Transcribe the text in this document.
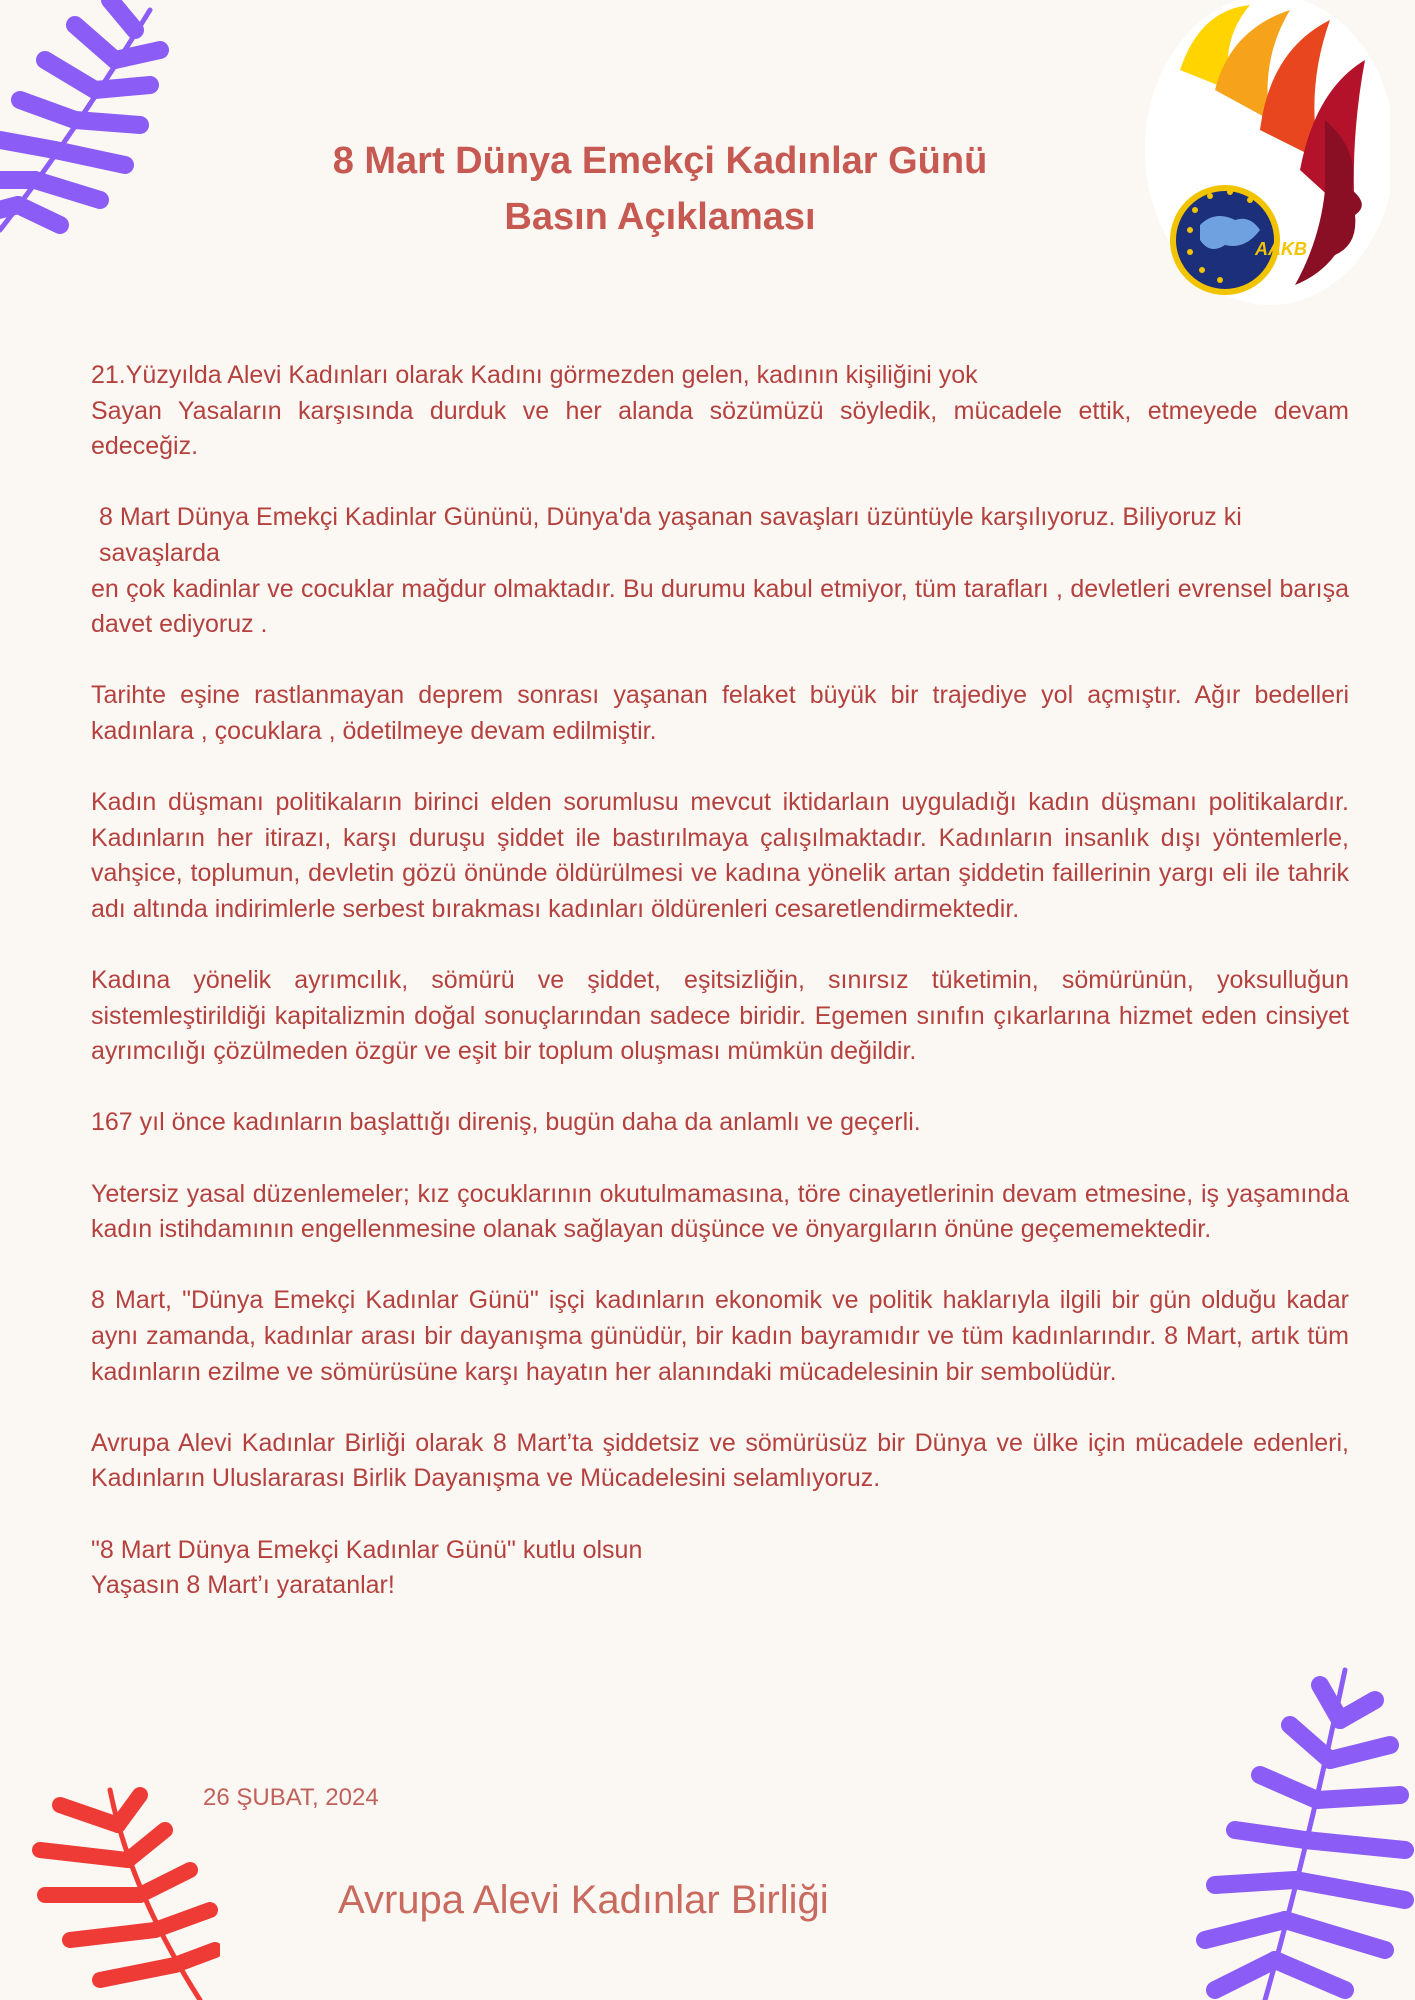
AAKB
8 Mart Dünya Emekçi Kadınlar Günü
Basın Açıklaması

21.Yüzyılda Alevi Kadınları olarak Kadını görmezden gelen, kadının kişiliğini yok

Sayan Yasaların karşısında durduk ve her alanda sözümüzü söyledik, mücadele ettik, etmeyede devam edeceğiz.

8 Mart Dünya Emekçi Kadinlar Gününü, Dünya'da yaşanan savaşları üzüntüyle karşılıyoruz. Biliyoruz ki savaşlarda

en çok kadinlar ve cocuklar mağdur olmaktadır. Bu durumu kabul etmiyor, tüm tarafları , devletleri evrensel barışa davet ediyoruz .

Tarihte eşine rastlanmayan deprem sonrası yaşanan felaket büyük bir trajediye yol açmıştır. Ağır bedelleri kadınlara , çocuklara , ödetilmeye devam edilmiştir.

Kadın düşmanı politikaların birinci elden sorumlusu mevcut iktidarlaın uyguladığı kadın düşmanı politikalardır. Kadınların her itirazı, karşı duruşu şiddet ile bastırılmaya çalışılmaktadır. Kadınların insanlık dışı yöntemlerle, vahşice, toplumun, devletin gözü önünde öldürülmesi ve kadına yönelik artan şiddetin faillerinin yargı eli ile tahrik adı altında indirimlerle serbest bırakması kadınları öldürenleri cesaretlendirmektedir.

Kadına yönelik ayrımcılık, sömürü ve şiddet, eşitsizliğin, sınırsız tüketimin, sömürünün, yoksulluğun sistemleştirildiği kapitalizmin doğal sonuçlarından sadece biridir. Egemen sınıfın çıkarlarına hizmet eden cinsiyet ayrımcılığı çözülmeden özgür ve eşit bir toplum oluşması mümkün değildir.

167 yıl önce kadınların başlattığı direniş, bugün daha da anlamlı ve geçerli.

Yetersiz yasal düzenlemeler; kız çocuklarının okutulmamasına, töre cinayetlerinin devam etmesine, iş yaşamında kadın istihdamının engellenmesine olanak sağlayan düşünce ve önyargıların önüne geçememektedir.

8 Mart, "Dünya Emekçi Kadınlar Günü" işçi kadınların ekonomik ve politik haklarıyla ilgili bir gün olduğu kadar aynı zamanda, kadınlar arası bir dayanışma günüdür, bir kadın bayramıdır ve tüm kadınlarındır. 8 Mart, artık tüm kadınların ezilme ve sömürüsüne karşı hayatın her alanındaki mücadelesinin bir sembolüdür.

Avrupa Alevi Kadınlar Birliği olarak 8 Mart’ta şiddetsiz ve sömürüsüz bir Dünya ve ülke için mücadele edenleri, Kadınların Uluslararası Birlik Dayanışma ve Mücadelesini selamlıyoruz.

"8 Mart Dünya Emekçi Kadınlar Günü" kutlu olsun

Yaşasın 8 Mart’ı yaratanlar!

26 ŞUBAT, 2024
Avrupa Alevi Kadınlar Birliği
